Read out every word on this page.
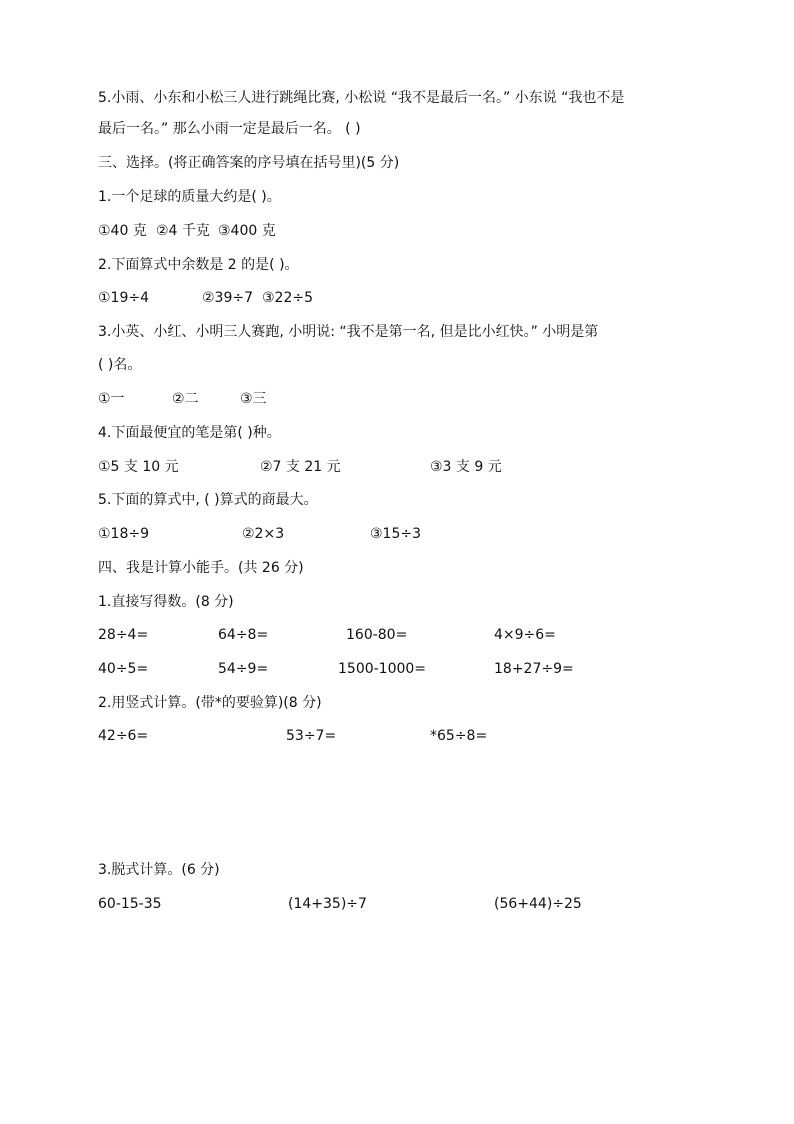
5.小雨、小东和小松三人进行跳绳比赛, 小松说 “我不是最后一名。” 小东说 “我也不是
最后一名。” 那么小雨一定是最后一名。 ( )
三、选择。(将正确答案的序号填在括号里)(5 分)
1.一个足球的质量大约是( )。
①40 克 ②4 千克 ③400 克
2.下面算式中余数是 2 的是( )。
①19÷4	②39÷7 ③22÷5
3.小英、小红、小明三人赛跑, 小明说: “我不是第一名, 但是比小红快。” 小明是第
( )名。
①一	②二	③三
4.下面最便宜的笔是第( )种。
①5 支 10 元	②7 支 21 元	③3 支 9 元
5.下面的算式中, ( )算式的商最大。
①18÷9	②2×3	③15÷3
四、我是计算小能手。(共 26 分)
1.直接写得数。(8 分)
28÷4=	64÷8=	160-80=	4×9÷6=
40÷5=	54÷9=	1500-1000=	18+27÷9=
2.用竖式计算。(带*的要验算)(8 分)
42÷6=	53÷7=	*65÷8=
3.脱式计算。(6 分)
60-15-35	(14+35)÷7	(56+44)÷25
